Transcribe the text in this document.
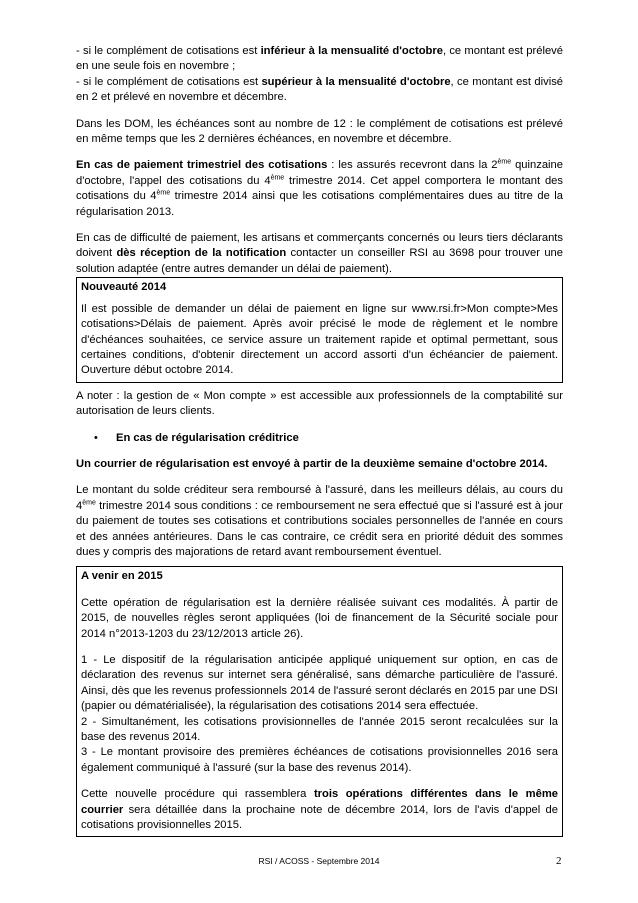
- si le complément de cotisations est inférieur à la mensualité d'octobre, ce montant est prélevé en une seule fois en novembre ;

- si le complément de cotisations est supérieur à la mensualité d'octobre, ce montant est divisé en 2 et prélevé en novembre et décembre.

Dans les DOM, les échéances sont au nombre de 12 : le complément de cotisations est prélevé en même temps que les 2 dernières échéances, en novembre et décembre.

En cas de paiement trimestriel des cotisations : les assurés recevront dans la 2ème quinzaine d'octobre, l'appel des cotisations du 4ème trimestre 2014. Cet appel comportera le montant des cotisations du 4ème trimestre 2014 ainsi que les cotisations complémentaires dues au titre de la régularisation 2013.

En cas de difficulté de paiement, les artisans et commerçants concernés ou leurs tiers déclarants doivent dès réception de la notification contacter un conseiller RSI au 3698 pour trouver une solution adaptée (entre autres demander un délai de paiement).

Nouveauté 2014

Il est possible de demander un délai de paiement en ligne sur www.rsi.fr>Mon compte>Mes cotisations>Délais de paiement. Après avoir précisé le mode de règlement et le nombre d'échéances souhaitées, ce service assure un traitement rapide et optimal permettant, sous certaines conditions, d'obtenir directement un accord assorti d'un échéancier de paiement. Ouverture début octobre 2014.

A noter : la gestion de « Mon compte » est accessible aux professionnels de la comptabilité sur autorisation de leurs clients.

•	En cas de régularisation créditrice

Un courrier de régularisation est envoyé à partir de la deuxième semaine d'octobre 2014.

Le montant du solde créditeur sera remboursé à l'assuré, dans les meilleurs délais, au cours du 4ème trimestre 2014 sous conditions : ce remboursement ne sera effectué que si l'assuré est à jour du paiement de toutes ses cotisations et contributions sociales personnelles de l'année en cours et des années antérieures. Dans le cas contraire, ce crédit sera en priorité déduit des sommes dues y compris des majorations de retard avant remboursement éventuel.

A venir en 2015

Cette opération de régularisation est la dernière réalisée suivant ces modalités. À partir de 2015, de nouvelles règles seront appliquées (loi de financement de la Sécurité sociale pour 2014 n°2013-1203 du 23/12/2013 article 26).

1 - Le dispositif de la régularisation anticipée appliqué uniquement sur option, en cas de déclaration des revenus sur internet sera généralisé, sans démarche particulière de l'assuré. Ainsi, dès que les revenus professionnels 2014 de l'assuré seront déclarés en 2015 par une DSI (papier ou dématérialisée), la régularisation des cotisations 2014 sera effectuée.

2 - Simultanément, les cotisations provisionnelles de l'année 2015 seront recalculées sur la base des revenus 2014.

3 - Le montant provisoire des premières échéances de cotisations provisionnelles 2016 sera également communiqué à l'assuré (sur la base des revenus 2014).

Cette nouvelle procédure qui rassemblera trois opérations différentes dans le même courrier sera détaillée dans la prochaine note de décembre 2014, lors de l'avis d'appel de cotisations provisionnelles 2015.

RSI / ACOSS - Septembre 2014	2
